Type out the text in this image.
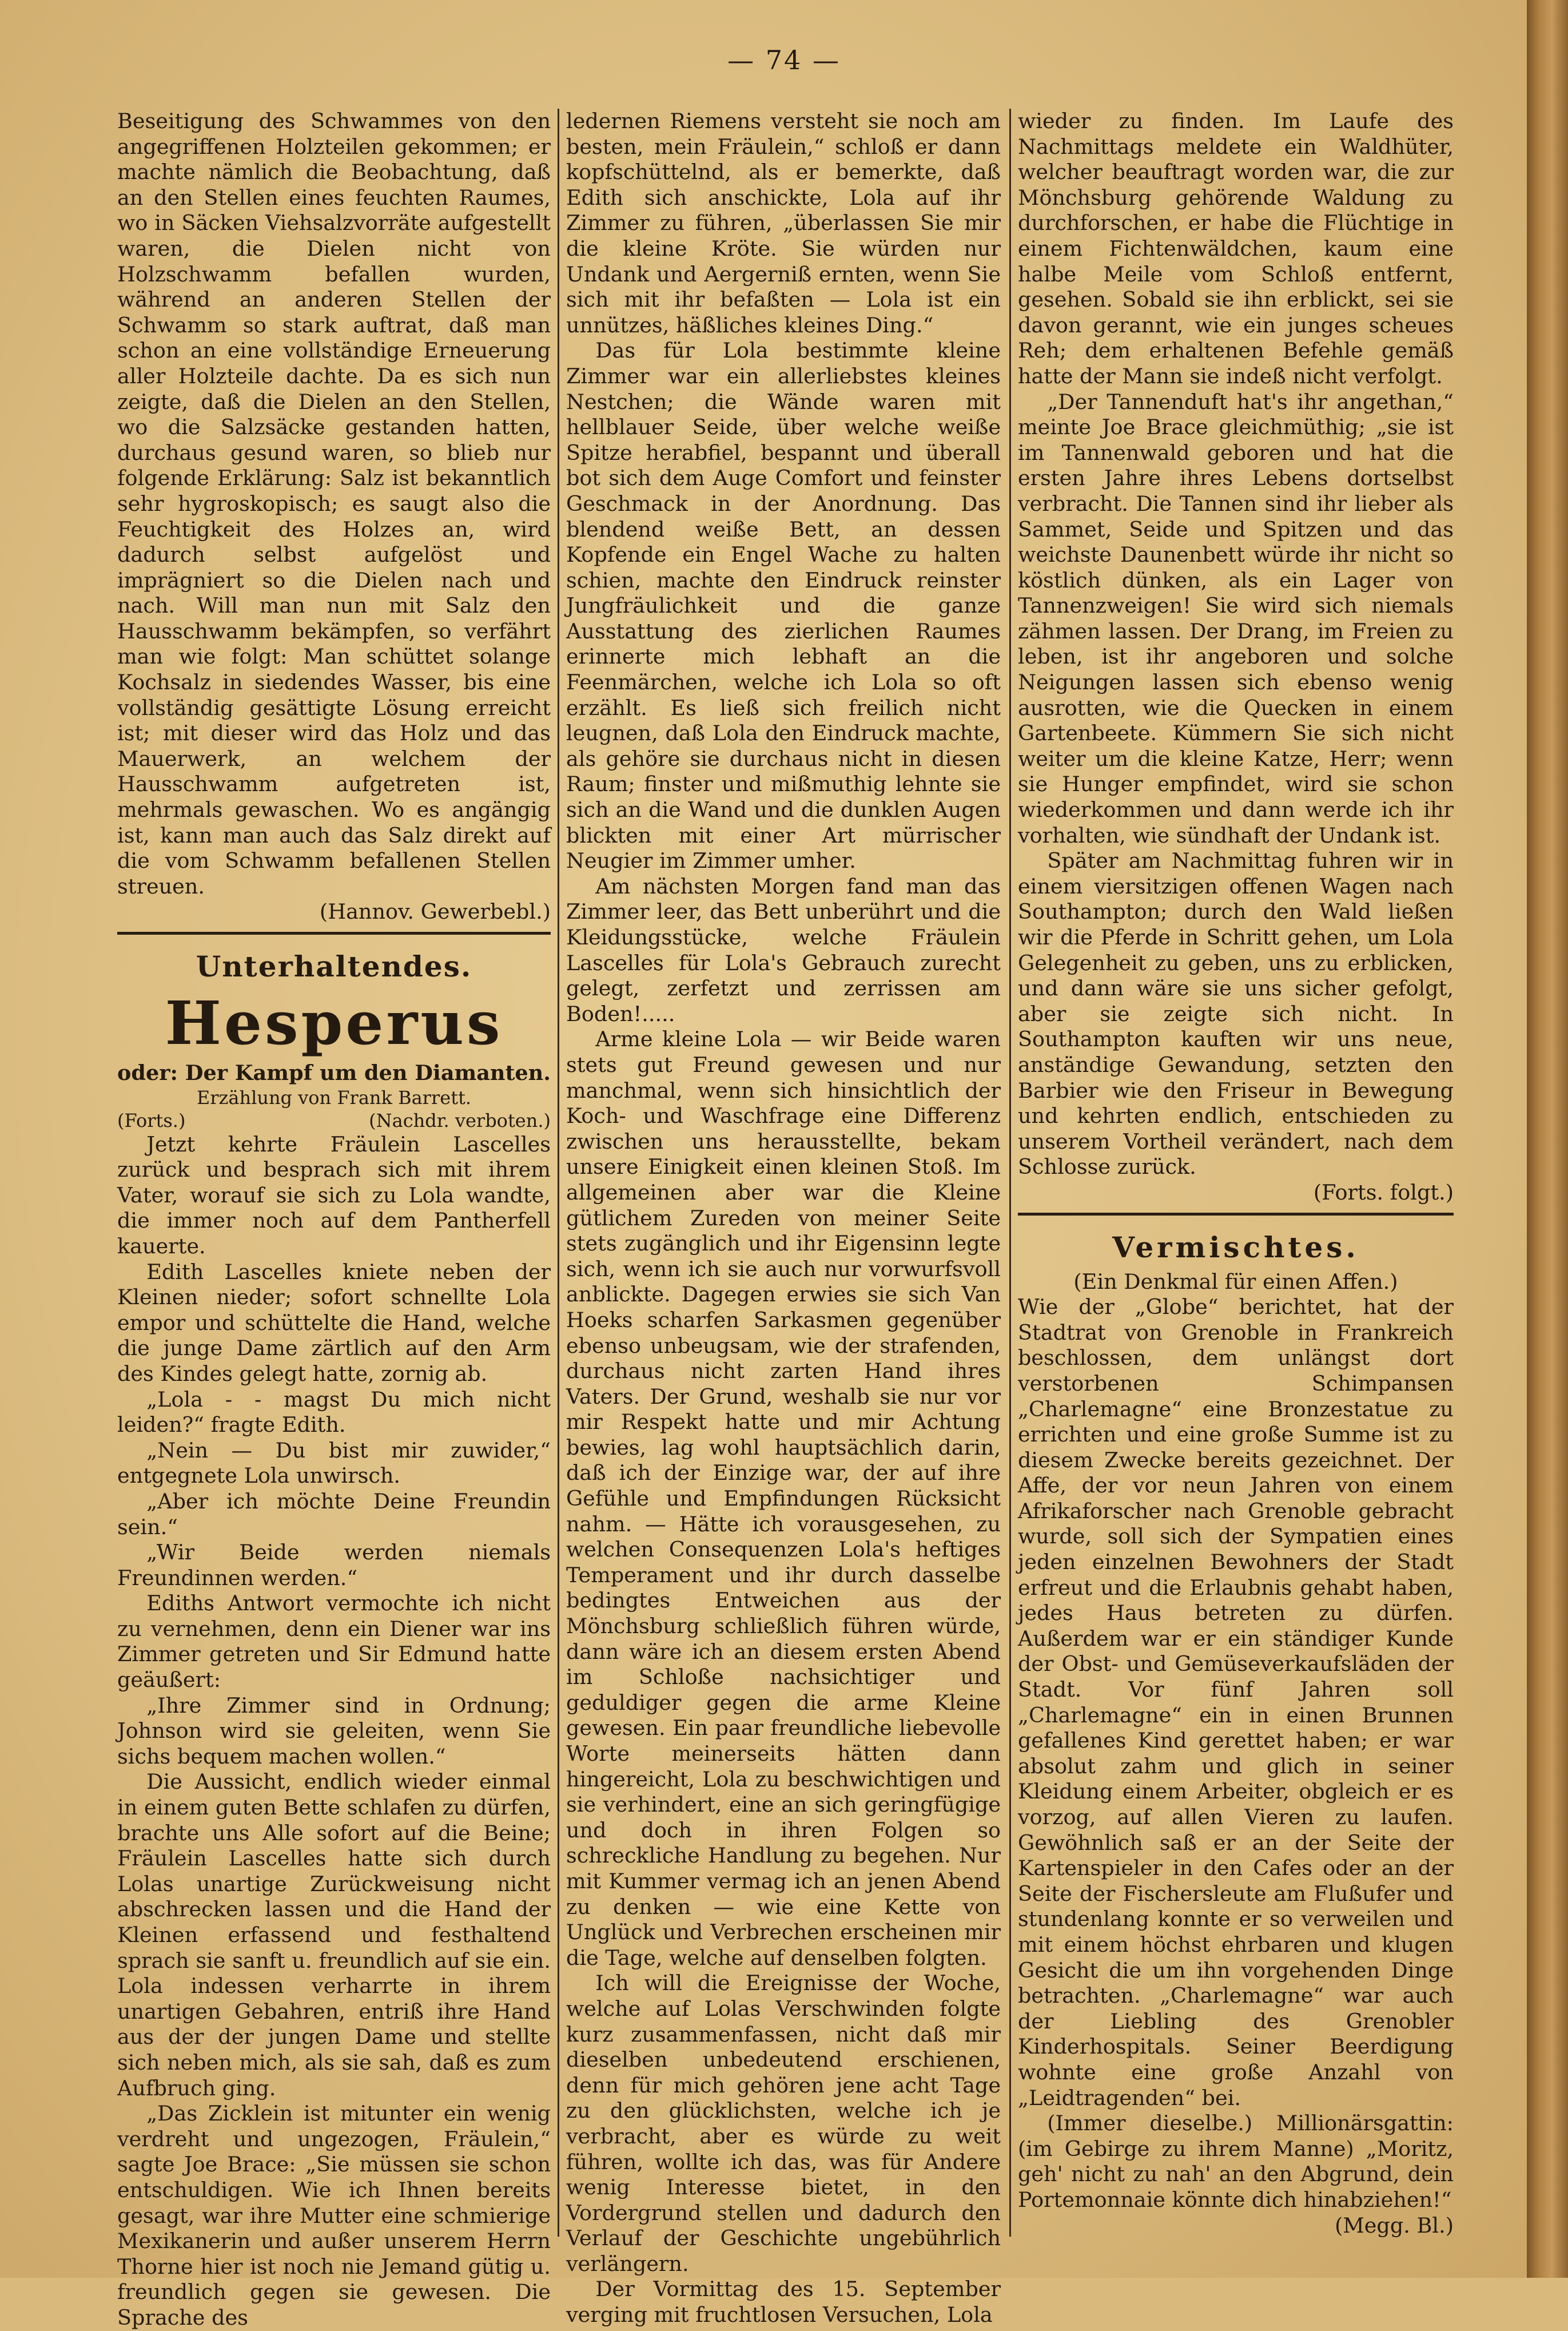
— 74 —

Beseitigung des Schwammes von den angegriffenen Holzteilen gekommen; er machte nämlich die Beobachtung, daß an den Stellen eines feuchten Raumes, wo in Säcken Viehsalzvorräte aufgestellt waren, die Dielen nicht von Holzschwamm befallen wurden, während an anderen Stellen der Schwamm so stark auftrat, daß man schon an eine vollständige Erneuerung aller Holzteile dachte. Da es sich nun zeigte, daß die Dielen an den Stellen, wo die Salzsäcke gestanden hatten, durchaus gesund waren, so blieb nur folgende Erklärung: Salz ist bekanntlich sehr hygroskopisch; es saugt also die Feuchtigkeit des Holzes an, wird dadurch selbst aufgelöst und imprägniert so die Dielen nach und nach. Will man nun mit Salz den Hausschwamm bekämpfen, so verfährt man wie folgt: Man schüttet solange Kochsalz in siedendes Wasser, bis eine vollständig gesättigte Lösung erreicht ist; mit dieser wird das Holz und das Mauerwerk, an welchem der Hausschwamm aufgetreten ist, mehrmals gewaschen. Wo es angängig ist, kann man auch das Salz direkt auf die vom Schwamm befallenen Stellen streuen.

(Hannov. Gewerbebl.)

Unterhaltendes.
Hesperus
oder: Der Kampf um den Diamanten.
Erzählung von Frank Barrett.
(Forts.)	(Nachdr. verboten.)

Jetzt kehrte Fräulein Lascelles zurück und besprach sich mit ihrem Vater, worauf sie sich zu Lola wandte, die immer noch auf dem Pantherfell kauerte.

Edith Lascelles kniete neben der Kleinen nieder; sofort schnellte Lola empor und schüttelte die Hand, welche die junge Dame zärtlich auf den Arm des Kindes gelegt hatte, zornig ab.

„Lola - - magst Du mich nicht leiden?“ fragte Edith.

„Nein — Du bist mir zuwider,“ entgegnete Lola unwirsch.

„Aber ich möchte Deine Freundin sein.“

„Wir Beide werden niemals Freundinnen werden.“

Ediths Antwort vermochte ich nicht zu vernehmen, denn ein Diener war ins Zimmer getreten und Sir Edmund hatte geäußert:

„Ihre Zimmer sind in Ordnung; Johnson wird sie geleiten, wenn Sie sichs bequem machen wollen.“

Die Aussicht, endlich wieder einmal in einem guten Bette schlafen zu dürfen, brachte uns Alle sofort auf die Beine; Fräulein Lascelles hatte sich durch Lolas unartige Zurückweisung nicht abschrecken lassen und die Hand der Kleinen erfassend und festhaltend sprach sie sanft u. freundlich auf sie ein. Lola indessen verharrte in ihrem unartigen Gebahren, entriß ihre Hand aus der der jungen Dame und stellte sich neben mich, als sie sah, daß es zum Aufbruch ging.

„Das Zicklein ist mitunter ein wenig verdreht und ungezogen, Fräulein,“ sagte Joe Brace: „Sie müssen sie schon entschuldigen. Wie ich Ihnen bereits gesagt, war ihre Mutter eine schmierige Mexikanerin und außer unserem Herrn Thorne hier ist noch nie Jemand gütig u. freundlich gegen sie gewesen. Die Sprache des

ledernen Riemens versteht sie noch am besten, mein Fräulein,“ schloß er dann kopfschüttelnd, als er bemerkte, daß Edith sich anschickte, Lola auf ihr Zimmer zu führen, „überlassen Sie mir die kleine Kröte. Sie würden nur Undank und Aergerniß ernten, wenn Sie sich mit ihr befaßten — Lola ist ein unnützes, häßliches kleines Ding.“

Das für Lola bestimmte kleine Zimmer war ein allerliebstes kleines Nestchen; die Wände waren mit hellblauer Seide, über welche weiße Spitze herabfiel, bespannt und überall bot sich dem Auge Comfort und feinster Geschmack in der Anordnung. Das blendend weiße Bett, an dessen Kopfende ein Engel Wache zu halten schien, machte den Eindruck reinster Jungfräulichkeit und die ganze Ausstattung des zierlichen Raumes erinnerte mich lebhaft an die Feenmärchen, welche ich Lola so oft erzählt. Es ließ sich freilich nicht leugnen, daß Lola den Eindruck machte, als gehöre sie durchaus nicht in diesen Raum; finster und mißmuthig lehnte sie sich an die Wand und die dunklen Augen blickten mit einer Art mürrischer Neugier im Zimmer umher.

Am nächsten Morgen fand man das Zimmer leer, das Bett unberührt und die Kleidungsstücke, welche Fräulein Lascelles für Lola's Gebrauch zurecht gelegt, zerfetzt und zerrissen am Boden!.....

Arme kleine Lola — wir Beide waren stets gut Freund gewesen und nur manchmal, wenn sich hinsichtlich der Koch- und Waschfrage eine Differenz zwischen uns herausstellte, bekam unsere Einigkeit einen kleinen Stoß. Im allgemeinen aber war die Kleine gütlichem Zureden von meiner Seite stets zugänglich und ihr Eigensinn legte sich, wenn ich sie auch nur vorwurfsvoll anblickte. Dagegen erwies sie sich Van Hoeks scharfen Sarkasmen gegenüber ebenso unbeugsam, wie der strafenden, durchaus nicht zarten Hand ihres Vaters. Der Grund, weshalb sie nur vor mir Respekt hatte und mir Achtung bewies, lag wohl hauptsächlich darin, daß ich der Einzige war, der auf ihre Gefühle und Empfindungen Rücksicht nahm. — Hätte ich vorausgesehen, zu welchen Consequenzen Lola's heftiges Temperament und ihr durch dasselbe bedingtes Entweichen aus der Mönchsburg schließlich führen würde, dann wäre ich an diesem ersten Abend im Schloße nachsichtiger und geduldiger gegen die arme Kleine gewesen. Ein paar freundliche liebevolle Worte meinerseits hätten dann hingereicht, Lola zu beschwichtigen und sie verhindert, eine an sich geringfügige und doch in ihren Folgen so schreckliche Handlung zu begehen. Nur mit Kummer vermag ich an jenen Abend zu denken — wie eine Kette von Unglück und Verbrechen erscheinen mir die Tage, welche auf denselben folgten.

Ich will die Ereignisse der Woche, welche auf Lolas Verschwinden folgte kurz zusammenfassen, nicht daß mir dieselben unbedeutend erschienen, denn für mich gehören jene acht Tage zu den glücklichsten, welche ich je verbracht, aber es würde zu weit führen, wollte ich das, was für Andere wenig Interesse bietet, in den Vordergrund stellen und dadurch den Verlauf der Geschichte ungebührlich verlängern.

Der Vormittag des 15. September verging mit fruchtlosen Versuchen, Lola

wieder zu finden. Im Laufe des Nachmittags meldete ein Waldhüter, welcher beauftragt worden war, die zur Mönchsburg gehörende Waldung zu durchforschen, er habe die Flüchtige in einem Fichtenwäldchen, kaum eine halbe Meile vom Schloß entfernt, gesehen. Sobald sie ihn erblickt, sei sie davon gerannt, wie ein junges scheues Reh; dem erhaltenen Befehle gemäß hatte der Mann sie indeß nicht verfolgt.

„Der Tannenduft hat's ihr angethan,“ meinte Joe Brace gleichmüthig; „sie ist im Tannenwald geboren und hat die ersten Jahre ihres Lebens dortselbst verbracht. Die Tannen sind ihr lieber als Sammet, Seide und Spitzen und das weichste Daunenbett würde ihr nicht so köstlich dünken, als ein Lager von Tannenzweigen! Sie wird sich niemals zähmen lassen. Der Drang, im Freien zu leben, ist ihr angeboren und solche Neigungen lassen sich ebenso wenig ausrotten, wie die Quecken in einem Gartenbeete. Kümmern Sie sich nicht weiter um die kleine Katze, Herr; wenn sie Hunger empfindet, wird sie schon wiederkommen und dann werde ich ihr vorhalten, wie sündhaft der Undank ist.

Später am Nachmittag fuhren wir in einem viersitzigen offenen Wagen nach Southampton; durch den Wald ließen wir die Pferde in Schritt gehen, um Lola Gelegenheit zu geben, uns zu erblicken, und dann wäre sie uns sicher gefolgt, aber sie zeigte sich nicht. In Southampton kauften wir uns neue, anständige Gewandung, setzten den Barbier wie den Friseur in Bewegung und kehrten endlich, entschieden zu unserem Vortheil verändert, nach dem Schlosse zurück.

(Forts. folgt.)

Vermischtes.

(Ein Denkmal für einen Affen.)

Wie der „Globe“ berichtet, hat der Stadtrat von Grenoble in Frankreich beschlossen, dem unlängst dort verstorbenen Schimpansen „Charlemagne“ eine Bronzestatue zu errichten und eine große Summe ist zu diesem Zwecke bereits gezeichnet. Der Affe, der vor neun Jahren von einem Afrikaforscher nach Grenoble gebracht wurde, soll sich der Sympatien eines jeden einzelnen Bewohners der Stadt erfreut und die Erlaubnis gehabt haben, jedes Haus betreten zu dürfen. Außerdem war er ein ständiger Kunde der Obst- und Gemüseverkaufsläden der Stadt. Vor fünf Jahren soll „Charlemagne“ ein in einen Brunnen gefallenes Kind gerettet haben; er war absolut zahm und glich in seiner Kleidung einem Arbeiter, obgleich er es vorzog, auf allen Vieren zu laufen. Gewöhnlich saß er an der Seite der Kartenspieler in den Cafes oder an der Seite der Fischersleute am Flußufer und stundenlang konnte er so verweilen und mit einem höchst ehrbaren und klugen Gesicht die um ihn vorgehenden Dinge betrachten. „Charlemagne“ war auch der Liebling des Grenobler Kinderhospitals. Seiner Beerdigung wohnte eine große Anzahl von „Leidtragenden“ bei.

(Immer dieselbe.) Millionärsgattin: (im Gebirge zu ihrem Manne) „Moritz, geh' nicht zu nah' an den Abgrund, dein Portemonnaie könnte dich hinabziehen!“

(Megg. Bl.)
